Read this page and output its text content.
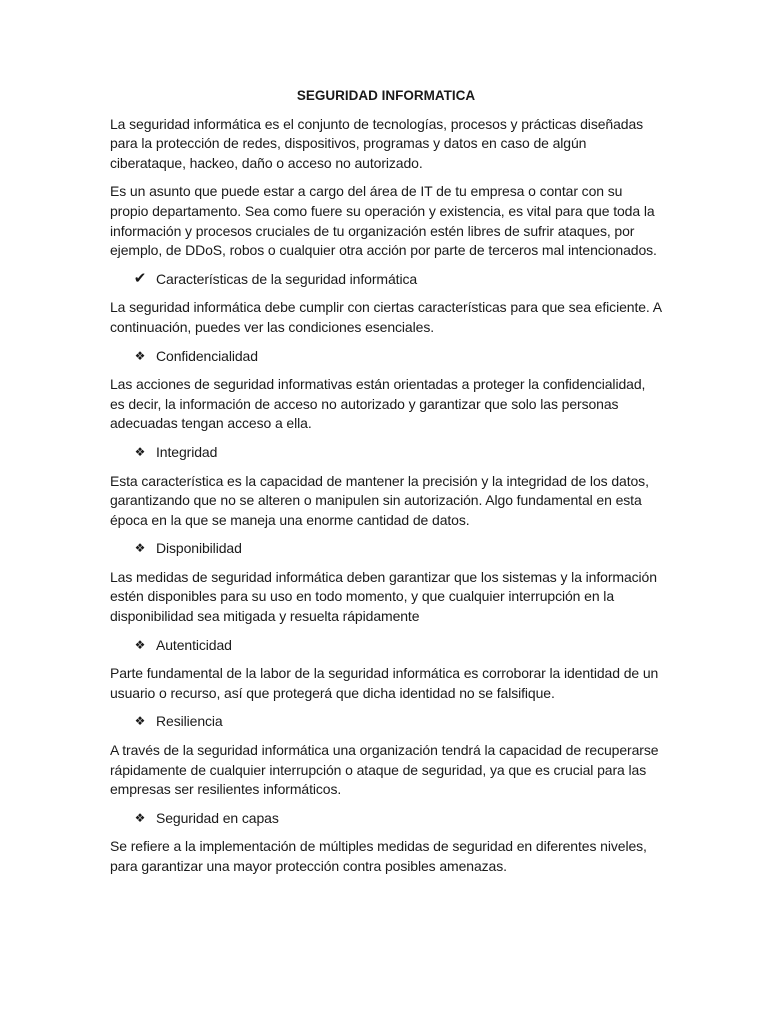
SEGURIDAD INFORMATICA

La seguridad informática es el conjunto de tecnologías, procesos y prácticas diseñadas para la protección de redes, dispositivos, programas y datos en caso de algún ciberataque, hackeo, daño o acceso no autorizado.

Es un asunto que puede estar a cargo del área de IT de tu empresa o contar con su propio departamento. Sea como fuere su operación y existencia, es vital para que toda la información y procesos cruciales de tu organización estén libres de sufrir ataques, por ejemplo, de DDoS, robos o cualquier otra acción por parte de terceros mal intencionados.

✔ Características de la seguridad informática

La seguridad informática debe cumplir con ciertas características para que sea eficiente. A continuación, puedes ver las condiciones esenciales.

❖ Confidencialidad

Las acciones de seguridad informativas están orientadas a proteger la confidencialidad, es decir, la información de acceso no autorizado y garantizar que solo las personas adecuadas tengan acceso a ella.

❖ Integridad

Esta característica es la capacidad de mantener la precisión y la integridad de los datos, garantizando que no se alteren o manipulen sin autorización. Algo fundamental en esta época en la que se maneja una enorme cantidad de datos.

❖ Disponibilidad

Las medidas de seguridad informática deben garantizar que los sistemas y la información estén disponibles para su uso en todo momento, y que cualquier interrupción en la disponibilidad sea mitigada y resuelta rápidamente

❖ Autenticidad

Parte fundamental de la labor de la seguridad informática es corroborar la identidad de un usuario o recurso, así que protegerá que dicha identidad no se falsifique.

❖ Resiliencia

A través de la seguridad informática una organización tendrá la capacidad de recuperarse rápidamente de cualquier interrupción o ataque de seguridad, ya que es crucial para las empresas ser resilientes informáticos.

❖ Seguridad en capas

Se refiere a la implementación de múltiples medidas de seguridad en diferentes niveles, para garantizar una mayor protección contra posibles amenazas.
